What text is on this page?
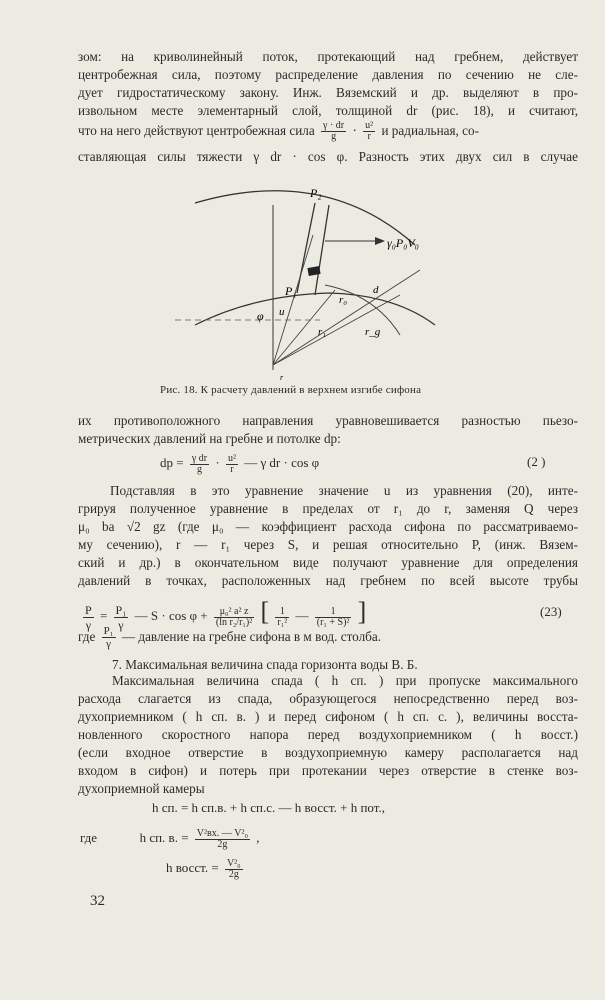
зом: на криволинейный поток, протекающий над гребнем, действует
центробежная сила, поэтому распределение давления по сечению не сле-
дует гидростатическому закону. Инж. Вяземский и др. выделяют в про-
извольном месте элементарный слой, толщиной dr (рис. 18), и считают,
что на него действуют центробежная сила $\frac{\gamma \cdot dr}{g} \cdot \frac{\text{u²}}{r}$ и радиальная, со-
ставляющая силы тяжести γ dr · cos φ. Разность этих двух сил в случае
P₂
γ₀P₀V₀
P₁
φ u
r₀
r₁	r_g
d
r
Рис. 18. К расчету давлений в верхнем изгибе сифона
их противоположного направления уравновешивается разностью пьезо-
метрических давлений на гребне и потолке dp:
dp = $\frac{\text{γ dr}}{g} \cdot \frac{\text{u²}}{r}$ — γ dr · cos φ	(2 )
Подставляя в это уравнение значение u из уравнения (20), инте-
грируя полученное уравнение в пределах от r₁ до r, заменяя Q через
μ₀ ba √2 gz (где μ₀ — коэффициент расхода сифона по рассматриваемо-
му сечению), r — r₁ через S, и решая относительно P, (инж. Вязем-
ский и др.) в окончательном виде получают уравнение для определения
давлений в точках, расположенных над гребнем по всей высоте трубы
$\frac{P}{\gamma} = \frac{\text{P₁}}{\gamma}$ — $S \cdot \cos \varphi + \frac{\text{μ₀² a² z}}{\text{(ln r₂/r₁)²}}$ [ $\frac{1}{\text{r₁²}}$ — $\frac{1}{\text{(r₁ + S)²}}$ ]	(23)
где $\frac{\text{P₁}}{\gamma}$ — давление на гребне сифона в м вод. столба.
7. Максимальная величина спада горизонта воды В. Б.
Максимальная величина спада ( h сп. ) при пропуске максимального
расхода слагается из спада, образующегося непосредственно перед воз-
духоприемником ( h сп. в. ) и перед сифоном ( h сп. с. ), величины восста-
новленного скоростного напора перед воздухоприемником ( h восст.)
(если входное отверстие в воздухоприемную камеру располагается над
входом в сифон) и потерь при протекании через отверстие в стенке воз-
духоприемной камеры
h сп. = h сп.в. + h сп.с. — h восст. + h пот.,
где	h сп. в. = $\frac{\text{V²вх. — V²₀}}{2g}$ ,
h восст. = $\frac{\text{V²₀}}{2g}$
32
